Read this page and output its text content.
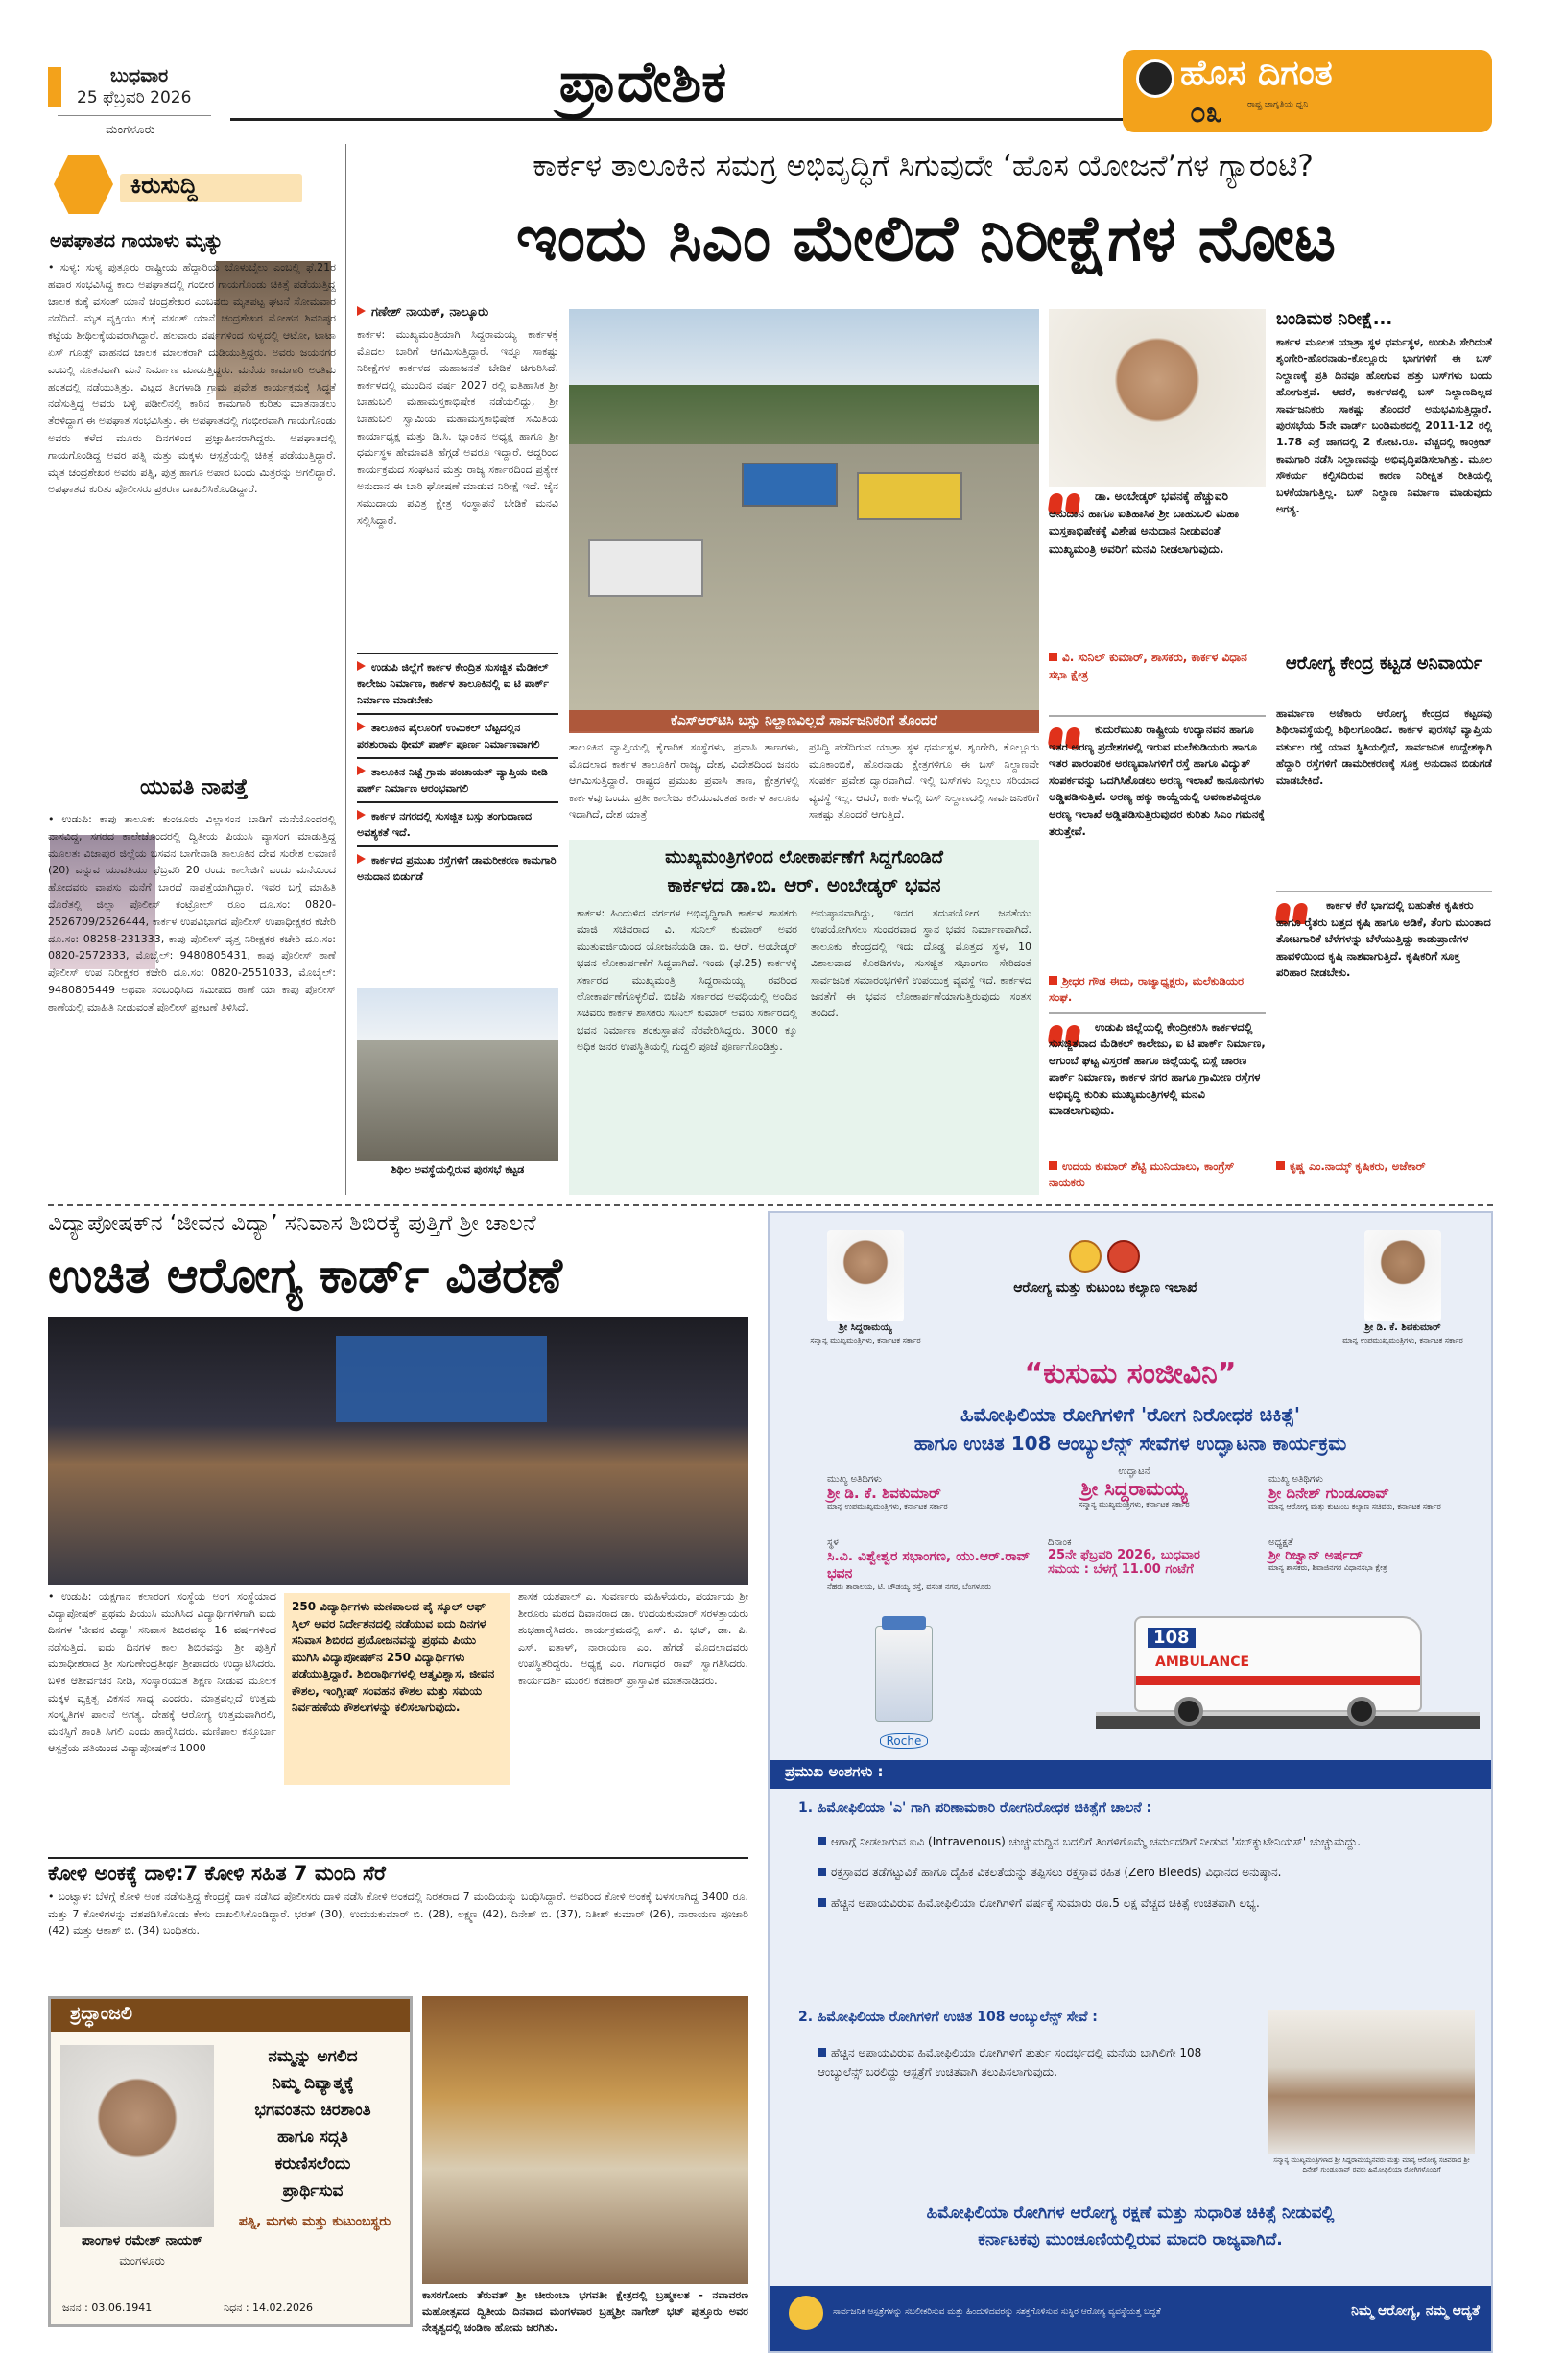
ಬುಧವಾರ
25 ಫೆಬ್ರವರಿ 2026
ಮಂಗಳೂರು
ಪ್ರಾದೇಶಿಕ	ಹೊಸ ದಿಗಂತ
ರಾಷ್ಟ್ರ ಜಾಗೃತಿಯ ಧ್ವನಿ
೦೩
ಕಿರುಸುದ್ದಿ
ಅಪಘಾತದ ಗಾಯಾಳು ಮೃತ್ಯು
• ಸುಳ್ಯ: ಸುಳ್ಯ ಪುತ್ತೂರು ರಾಷ್ಟ್ರೀಯ ಹೆದ್ದಾರಿಯ ಬೊಳುಬೈಲು ಎಂಬಲ್ಲಿ ಫೆ.21ರ ಹವಾರ ಸಂಭವಿಸಿದ್ದ ಕಾರು ಅಪಘಾತದಲ್ಲಿ ಗಂಭೀರ ಗಾಯಗೊಂಡು ಚಿಕಿತ್ಸೆ ಪಡೆಯುತ್ತಿದ್ದ ಚಾಲಕ ಕುಕ್ಕೆ ವಸಂತ್ ಯಾನೆ ಚಂದ್ರಶೇಖರ ಎಂಬವರು ಮೃತಪಟ್ಟ ಘಟನೆ ಸೋಮವಾರ ನಡೆದಿದೆ. ಮೃತ ವ್ಯಕ್ತಿಯು ಕುಕ್ಕೆ ವಸಂತ್ ಯಾನೆ ಚಂದ್ರಶೇಖರ ಮೋಹನ ಶಿವನಿಷ್ಠರ ಕಟ್ಟೆಯ ಶೀಥಿಲಕ್ಕೆಯವರಾಗಿದ್ದಾರೆ. ಹಲವಾರು ವರ್ಷಗಳಿಂದ ಸುಳ್ಯದಲ್ಲಿ ಆಟೋ, ಟಾಟಾ ಏಸ್ ಗೂಡ್ಸ್ ವಾಹನದ ಚಾಲಕ ಮಾಲಕರಾಗಿ ದುಡಿಯುತ್ತಿದ್ದರು. ಅವರು ಜಯನಗರ ಎಂಬಲ್ಲಿ ನೂತನವಾಗಿ ಮನೆ ನಿರ್ಮಾಣ ಮಾಡುತ್ತಿದ್ದರು. ಮನೆಯ ಕಾಮಗಾರಿ ಅಂತಿಮ ಹಂತದಲ್ಲಿ ನಡೆಯುತ್ತಿತ್ತು. ವಿಟ್ಲದ ತಿಂಗಳಾಡಿ ಗ್ರಾಮ ಪ್ರವೇಶ ಕಾರ್ಯಕ್ರಮಕ್ಕೆ ಸಿದ್ಧತೆ ನಡೆಸುತ್ತಿದ್ದ ಅವರು ಬಳ್ಳಿ ಪಡೀಲಿನಲ್ಲಿ ಕಾರಿನ ಕಾಮಗಾರಿ ಕುರಿತು ಮಾತನಾಡಲು ತೆರಳಿದ್ದಾಗ ಈ ಅಪಘಾತ ಸಂಭವಿಸಿತ್ತು. ಈ ಅಪಘಾತದಲ್ಲಿ ಗಂಭೀರವಾಗಿ ಗಾಯಗೊಂಡು ಅವರು ಕಳೆದ ಮೂರು ದಿನಗಳಿಂದ ಪ್ರಜ್ಞಾಹೀನರಾಗಿದ್ದರು. ಅಪಘಾತದಲ್ಲಿ ಗಾಯಗೊಂಡಿದ್ದ ಅವರ ಪತ್ನಿ ಮತ್ತು ಮಕ್ಕಳು ಆಸ್ಪತ್ರೆಯಲ್ಲಿ ಚಿಕಿತ್ಸೆ ಪಡೆಯುತ್ತಿದ್ದಾರೆ. ಮೃತ ಚಂದ್ರಶೇಖರ ಅವರು ಪತ್ನಿ, ಪುತ್ರ ಹಾಗೂ ಅಪಾರ ಬಂಧು ಮಿತ್ರರನ್ನು ಅಗಲಿದ್ದಾರೆ. ಅಪಘಾತದ ಕುರಿತು ಪೊಲೀಸರು ಪ್ರಕರಣ ದಾಖಲಿಸಿಕೊಂಡಿದ್ದಾರೆ.
ಯುವತಿ ನಾಪತ್ತೆ
• ಉಡುಪಿ: ಕಾಪು ತಾಲೂಕು ಕುಂಜೂರು ವಿಲ್ಲಾಸಂನ ಬಾಡಿಗೆ ಮನೆಯೊಂದರಲ್ಲಿ ವಾಸವಿದ್ದ, ಸಗರದ ಕಾಲೇಜೊಂದರಲ್ಲಿ ದ್ವಿತೀಯ ಪಿಯುಸಿ ವ್ಯಾಸಂಗ ಮಾಡುತ್ತಿದ್ದ ಮೂಲತಃ ವಿಜಾಪುರ ಜಿಲ್ಲೆಯ ಬಸವನ ಬಾಗೇವಾಡಿ ತಾಲೂಕಿನ ದೇವ ಸುರೇಶ ಲಮಾಣಿ (20) ಎನ್ನುವ ಯುವತಿಯು ಫೆಬ್ರವರಿ 20 ರಂದು ಕಾಲೇಜಿಗೆ ಎಂದು ಮನೆಯಿಂದ ಹೋದವರು ವಾಪಸು ಮನೆಗೆ ಬಾರದೆ ನಾಪತ್ತೆಯಾಗಿದ್ದಾರೆ. ಇವರ ಬಗ್ಗೆ ಮಾಹಿತಿ ದೊರೆತಲ್ಲಿ ಜಿಲ್ಲಾ ಪೊಲೀಸ್ ಕಂಟ್ರೋಲ್ ರೂಂ ದೂ.ಸಂ: 0820-2526709/2526444, ಕಾರ್ಕಳ ಉಪವಿಭಾಗದ ಪೊಲೀಸ್ ಉಪಾಧೀಕ್ಷಕರ ಕಚೇರಿ ದೂ.ಸಂ: 08258-231333, ಕಾಪು ಪೊಲೀಸ್ ವೃತ್ತ ನಿರೀಕ್ಷಕರ ಕಚೇರಿ ದೂ.ಸಂ: 0820-2572333, ಮೊಬೈಲ್: 9480805431, ಕಾಪು ಪೊಲೀಸ್ ಠಾಣೆ ಪೊಲೀಸ್ ಉಪ ನಿರೀಕ್ಷಕರ ಕಚೇರಿ ದೂ.ಸಂ: 0820-2551033, ಮೊಬೈಲ್: 9480805449 ಅಥವಾ ಸಂಬಂಧಿಸಿದ ಸಮೀಪದ ಠಾಣೆ ಯಾ ಕಾಪು ಪೊಲೀಸ್ ಠಾಣೆಯಲ್ಲಿ ಮಾಹಿತಿ ನೀಡುವಂತೆ ಪೊಲೀಸ್ ಪ್ರಕಟಣೆ ತಿಳಿಸಿದೆ.
ಕಾರ್ಕಳ ತಾಲೂಕಿನ ಸಮಗ್ರ ಅಭಿವೃದ್ಧಿಗೆ ಸಿಗುವುದೇ ‘ಹೊಸ ಯೋಜನೆ’ಗಳ ಗ್ಯಾರಂಟಿ?
ಇಂದು ಸಿಎಂ ಮೇಲಿದೆ ನಿರೀಕ್ಷೆಗಳ ನೋಟ
ಗಣೇಶ್ ನಾಯಕ್, ನಾಲ್ಕೂರು
ಕಾರ್ಕಳ: ಮುಖ್ಯಮಂತ್ರಿಯಾಗಿ ಸಿದ್ದರಾಮಯ್ಯ ಕಾರ್ಕಳಕ್ಕೆ ಮೊದಲ ಬಾರಿಗೆ ಆಗಮಿಸುತ್ತಿದ್ದಾರೆ. ಇನ್ನೂ ಸಾಕಷ್ಟು ನಿರೀಕ್ಷೆಗಳ ಕಾರ್ಕಳದ ಮಹಾಜನತೆ ಬೇಡಿಕೆ ಚಿಗುರಿಸಿದೆ. ಕಾರ್ಕಳದಲ್ಲಿ ಮುಂದಿನ ವರ್ಷ 2027 ರಲ್ಲಿ ಐತಿಹಾಸಿಕ ಶ್ರೀ ಬಾಹುಬಲಿ ಮಹಾಮಸ್ತಕಾಭಿಷೇಕ ನಡೆಯಲಿದ್ದು, ಶ್ರೀ ಬಾಹುಬಲಿ ಸ್ವಾಮಿಯ ಮಹಾಮಸ್ತಕಾಭಿಷೇಕ ಸಮಿತಿಯ ಕಾರ್ಯಾಧ್ಯಕ್ಷ ಮತ್ತು ಡಿ.ಸಿ. ಬ್ಲಾಂಕಿನ ಅಧ್ಯಕ್ಷ ಹಾಗೂ ಶ್ರೀ ಧರ್ಮಸ್ಥಳ ಹೇಮಾವತಿ ಹೆಗ್ಗಡೆ ಅವರೂ ಇದ್ದಾರೆ. ಆದ್ದರಿಂದ ಕಾರ್ಯಕ್ರಮದ ಸಂಘಟನೆ ಮತ್ತು ರಾಜ್ಯ ಸರ್ಕಾರದಿಂದ ಪ್ರತ್ಯೇಕ ಅನುದಾನ ಈ ಬಾರಿ ಘೋಷಣೆ ಮಾಡುವ ನಿರೀಕ್ಷೆ ಇದೆ. ಜೈನ ಸಮುದಾಯ ಪವಿತ್ರ ಕ್ಷೇತ್ರ ಸಂಸ್ಥಾಪನೆ ಬೇಡಿಕೆ ಮನವಿ ಸಲ್ಲಿಸಿದ್ದಾರೆ.
ಉಡುಪಿ ಜಿಲ್ಲೆಗೆ ಕಾರ್ಕಳ ಕೇಂದ್ರಿತ ಸುಸಜ್ಜಿತ ಮೆಡಿಕಲ್ ಕಾಲೇಜು ನಿರ್ಮಾಣ, ಕಾರ್ಕಳ ತಾಲೂಕಿನಲ್ಲಿ ಐ ಟಿ ಪಾರ್ಕ್ ನಿರ್ಮಾಣ ಮಾಡಬೇಕು
ತಾಲೂಕಿನ ಪೈಲೂರಿಗೆ ಉಮಿಕಲ್ ಬೆಟ್ಟದಲ್ಲಿನ ಪರಶುರಾಮ ಥೀಮ್ ಪಾರ್ಕ್ ಪೂರ್ಣ ನಿರ್ಮಾಣವಾಗಲಿ
ತಾಲೂಕಿನ ನಿಟ್ಟೆ ಗ್ರಾಮ ಪಂಚಾಯತ್ ವ್ಯಾಪ್ತಿಯ ಬೀಡಿ ಪಾರ್ಕ್ ನಿರ್ಮಾಣ ಆರಂಭವಾಗಲಿ
ಕಾರ್ಕಳ ನಗರದಲ್ಲಿ ಸುಸಜ್ಜಿತ ಬಸ್ಸು ತಂಗುದಾಣದ ಅವಶ್ಯಕತೆ ಇದೆ.
ಕಾರ್ಕಳದ ಪ್ರಮುಖ ರಸ್ತೆಗಳಿಗೆ ಡಾಮರೀಕರಣ ಕಾಮಗಾರಿ ಅನುದಾನ ಬಿಡುಗಡೆ
ಶಿಥಿಲ ಅವಸ್ಥೆಯಲ್ಲಿರುವ ಪುರಸಭೆ ಕಟ್ಟಡ
ಕೆಎಸ್‌ಆರ್‌ಟಿಸಿ ಬಸ್ಸು ನಿಲ್ದಾಣವಿಲ್ಲದೆ ಸಾರ್ವಜನಿಕರಿಗೆ ತೊಂದರೆ
ತಾಲೂಕಿನ ವ್ಯಾಪ್ತಿಯಲ್ಲಿ ಕೈಗಾರಿಕ ಸಂಸ್ಥೆಗಳು, ಪ್ರವಾಸಿ ತಾಣಗಳು, ಮೊದಲಾದ ಕಾರ್ಕಳ ತಾಲೂಕಿಗೆ ರಾಜ್ಯ, ದೇಶ, ವಿದೇಶದಿಂದ ಜನರು ಆಗಮಿಸುತ್ತಿದ್ದಾರೆ. ರಾಷ್ಟ್ರದ ಪ್ರಮುಖ ಪ್ರವಾಸಿ ತಾಣ, ಕ್ಷೇತ್ರಗಳಲ್ಲಿ ಕಾರ್ಕಳವು ಒಂದು. ಪ್ರತೀ ಕಾಲೇಜು ಕಲಿಯುವಂತಹ ಕಾರ್ಕಳ ತಾಲೂಕು ಇದಾಗಿದೆ, ದೇಶ ಯಾತ್ರೆ
ಪ್ರಸಿದ್ಧಿ ಪಡೆದಿರುವ ಯಾತ್ರಾ ಸ್ಥಳ ಧರ್ಮಸ್ಥಳ, ಶೃಂಗೇರಿ, ಕೊಲ್ಲೂರು ಮೂಕಾಂಬಿಕೆ, ಹೊರನಾಡು ಕ್ಷೇತ್ರಗಳಿಗೂ ಈ ಬಸ್ ನಿಲ್ದಾಣವೇ ಸಂಪರ್ಕ ಪ್ರವೇಶ ದ್ವಾರವಾಗಿದೆ. ಇಲ್ಲಿ ಬಸ್‌ಗಳು ನಿಲ್ಲಲು ಸರಿಯಾದ ವ್ಯವಸ್ಥೆ ಇಲ್ಲ. ಆದರೆ, ಕಾರ್ಕಳದಲ್ಲಿ ಬಸ್ ನಿಲ್ದಾಣದಲ್ಲಿ ಸಾರ್ವಜನಿಕರಿಗೆ ಸಾಕಷ್ಟು ತೊಂದರೆ ಆಗುತ್ತಿದೆ.
ಮುಖ್ಯಮಂತ್ರಿಗಳಿಂದ ಲೋಕಾರ್ಪಣೆಗೆ ಸಿದ್ದಗೊಂಡಿದೆ
ಕಾರ್ಕಳದ ಡಾ.ಬಿ. ಆರ್. ಅಂಬೇಡ್ಕರ್ ಭವನ
ಕಾರ್ಕಳ: ಹಿಂದುಳಿದ ವರ್ಗಗಳ ಅಭಿವೃದ್ಧಿಗಾಗಿ ಕಾರ್ಕಳ ಶಾಸಕರು ಮಾಜಿ ಸಚಿವರಾದ ವಿ. ಸುನಿಲ್ ಕುಮಾರ್ ಅವರ ಮುತುವರ್ಜಿಯಿಂದ ಯೋಜನೆಯಡಿ ಡಾ. ಬಿ. ಆರ್. ಅಂಬೇಡ್ಕರ್ ಭವನ ಲೋಕಾರ್ಪಣೆಗೆ ಸಿದ್ಧವಾಗಿದೆ. ಇಂದು (ಫೆ.25) ಕಾರ್ಕಳಕ್ಕೆ ಸರ್ಕಾರದ ಮುಖ್ಯಮಂತ್ರಿ ಸಿದ್ದರಾಮಯ್ಯ ರವರಿಂದ ಲೋಕಾರ್ಪಣೆಗೊಳ್ಳಲಿದೆ. ಬಿಜೆಪಿ ಸರ್ಕಾರದ ಅವಧಿಯಲ್ಲಿ ಅಂದಿನ ಸಚಿವರು ಕಾರ್ಕಳ ಶಾಸಕರು ಸುನಿಲ್ ಕುಮಾರ್ ಅವರು ಸರ್ಕಾರದಲ್ಲಿ ಭವನ ನಿರ್ಮಾಣ ಶಂಕುಸ್ಥಾಪನೆ ನೆರವೇರಿಸಿದ್ದರು. 3000 ಕ್ಕೂ ಅಧಿಕ ಜನರ ಉಪಸ್ಥಿತಿಯಲ್ಲಿ ಗುದ್ದಲಿ ಪೂಜೆ ಪೂರ್ಣಗೊಂಡಿತ್ತು.
ಅನುಷ್ಠಾನವಾಗಿದ್ದು, ಇದರ ಸದುಪಯೋಗ ಜನತೆಯು ಉಪಯೋಗಿಸಲು ಸುಂದರವಾದ ಸ್ಥಾನ ಭವನ ನಿರ್ಮಾಣವಾಗಿದೆ. ತಾಲೂಕು ಕೇಂದ್ರದಲ್ಲಿ ಇದು ದೊಡ್ಡ ಮೊತ್ತದ ಸ್ಥಳ, 10 ವಿಶಾಲವಾದ ಕೊಠಡಿಗಳು, ಸುಸಜ್ಜಿತ ಸಭಾಂಗಣ ಸೇರಿದಂತೆ ಸಾರ್ವಜನಿಕ ಸಮಾರಂಭಗಳಿಗೆ ಉಪಯುಕ್ತ ವ್ಯವಸ್ಥೆ ಇದೆ. ಕಾರ್ಕಳದ ಜನತೆಗೆ ಈ ಭವನ ಲೋಕಾರ್ಪಣೆಯಾಗುತ್ತಿರುವುದು ಸಂತಸ ತಂದಿದೆ.
ಡಾ. ಅಂಬೇಡ್ಕರ್ ಭವನಕ್ಕೆ ಹೆಚ್ಚುವರಿ ಅನುದಾನ ಹಾಗೂ ಐತಿಹಾಸಿಕ ಶ್ರೀ ಬಾಹುಬಲಿ ಮಹಾ ಮಸ್ತಕಾಭಿಷೇಕಕ್ಕೆ ವಿಶೇಷ ಅನುದಾನ ನೀಡುವಂತೆ ಮುಖ್ಯಮಂತ್ರಿ ಅವರಿಗೆ ಮನವಿ ನೀಡಲಾಗುವುದು.
ವಿ. ಸುನಿಲ್ ಕುಮಾರ್, ಶಾಸಕರು, ಕಾರ್ಕಳ ವಿಧಾನ ಸಭಾ ಕ್ಷೇತ್ರ
ಕುದುರೆಮುಖ ರಾಷ್ಟ್ರೀಯ ಉದ್ಯಾನವನ ಹಾಗೂ ಇತರ ಅರಣ್ಯ ಪ್ರದೇಶಗಳಲ್ಲಿ ಇರುವ ಮಲೆಕುಡಿಯರು ಹಾಗೂ ಇತರ ಪಾರಂಪರಿಕ ಅರಣ್ಯವಾಸಿಗಳಿಗೆ ರಸ್ತೆ ಹಾಗೂ ವಿದ್ಯುತ್ ಸಂಪರ್ಕವನ್ನು ಒದಗಿಸಿಕೊಡಲು ಅರಣ್ಯ ಇಲಾಖೆ ಕಾನೂನುಗಳು ಅಡ್ಡಿಪಡಿಸುತ್ತಿವೆ. ಅರಣ್ಯ ಹಕ್ಕು ಕಾಯ್ದೆಯಲ್ಲಿ ಅವಕಾಶವಿದ್ದರೂ ಅರಣ್ಯ ಇಲಾಖೆ ಅಡ್ಡಿಪಡಿಸುತ್ತಿರುವುದರ ಕುರಿತು ಸಿಎಂ ಗಮನಕ್ಕೆ ತರುತ್ತೇವೆ.
ಶ್ರೀಧರ ಗೌಡ ಈದು, ರಾಜ್ಯಾಧ್ಯಕ್ಷರು, ಮಲೆಕುಡಿಯರ ಸಂಘ.
ಉಡುಪಿ ಜಿಲ್ಲೆಯಲ್ಲಿ ಕೇಂದ್ರೀಕರಿಸಿ ಕಾರ್ಕಳದಲ್ಲಿ ಸುಸಜ್ಜಿತವಾದ ಮೆಡಿಕಲ್ ಕಾಲೇಜು, ಐ ಟಿ ಪಾರ್ಕ್ ನಿರ್ಮಾಣ, ಆಗುಂಬೆ ಘಟ್ಟ ವಿಸ್ತರಣೆ ಹಾಗೂ ಜಿಲ್ಲೆಯಲ್ಲಿ ಬಿಸ್ಲೆ ಚಾರಣ ಪಾರ್ಕ್ ನಿರ್ಮಾಣ, ಕಾರ್ಕಳ ನಗರ ಹಾಗೂ ಗ್ರಾಮೀಣ ರಸ್ತೆಗಳ ಅಭಿವೃದ್ಧಿ ಕುರಿತು ಮುಖ್ಯಮಂತ್ರಿಗಳಲ್ಲಿ ಮನವಿ ಮಾಡಲಾಗುವುದು.
ಉದಯ ಕುಮಾರ್ ಶೆಟ್ಟಿ ಮುನಿಯಾಲು, ಕಾಂಗ್ರೆಸ್ ನಾಯಕರು
ಬಂಡಿಮಠ ನಿರೀಕ್ಷೆ...
ಕಾರ್ಕಳ ಮೂಲಕ ಯಾತ್ರಾ ಸ್ಥಳ ಧರ್ಮಸ್ಥಳ, ಉಡುಪಿ ಸೇರಿದಂತೆ ಶೃಂಗೇರಿ-ಹೊರನಾಡು-ಕೊಲ್ಲೂರು ಭಾಗಗಳಿಗೆ ಈ ಬಸ್ ನಿಲ್ದಾಣಕ್ಕೆ ಪ್ರತಿ ದಿನವೂ ಹೋಗುವ ಹತ್ತು ಬಸ್‌ಗಳು ಬಂದು ಹೋಗುತ್ತವೆ. ಆದರೆ, ಕಾರ್ಕಳದಲ್ಲಿ ಬಸ್ ನಿಲ್ದಾಣದಿಲ್ಲದ ಸಾರ್ವಜನಿಕರು ಸಾಕಷ್ಟು ತೊಂದರೆ ಅನುಭವಿಸುತ್ತಿದ್ದಾರೆ. ಪುರಸಭೆಯ 5ನೇ ವಾರ್ಡ್ ಬಂಡಿಮಠದಲ್ಲಿ 2011-12 ರಲ್ಲಿ 1.78 ಎಕ್ರೆ ಜಾಗದಲ್ಲಿ 2 ಕೋಟಿ.ರೂ. ವೆಚ್ಚದಲ್ಲಿ ಕಾಂಕ್ರೀಟ್ ಕಾಮಗಾರಿ ನಡೆಸಿ ನಿಲ್ದಾಣವನ್ನು ಅಭಿವೃದ್ಧಿಪಡಿಸಲಾಗಿತ್ತು. ಮೂಲ ಸೌಕರ್ಯ ಕಲ್ಪಿಸದಿರುವ ಕಾರಣ ನಿರೀಕ್ಷಿತ ರೀತಿಯಲ್ಲಿ ಬಳಕೆಯಾಗುತ್ತಿಲ್ಲ. ಬಸ್ ನಿಲ್ದಾಣ ನಿರ್ಮಾಣ ಮಾಡುವುದು ಅಗತ್ಯ.
ಆರೋಗ್ಯ ಕೇಂದ್ರ ಕಟ್ಟಡ ಅನಿವಾರ್ಯ
ಹಾರ್ಮಾಣ ಅಜೆಕಾರು ಆರೋಗ್ಯ ಕೇಂದ್ರದ ಕಟ್ಟಡವು ಶಿಥಿಲಾವಸ್ಥೆಯಲ್ಲಿ ಶಿಥಿಲಗೊಂಡಿದೆ. ಕಾರ್ಕಳ ಪುರಸಭೆ ವ್ಯಾಪ್ತಿಯ ವರ್ತುಲ ರಸ್ತೆ ಯಾವ ಸ್ಥಿತಿಯಲ್ಲಿದೆ, ಸಾರ್ವಜನಿಕ ಉದ್ದೇಶಕ್ಕಾಗಿ ಹೆದ್ದಾರಿ ರಸ್ತೆಗಳಿಗೆ ಡಾಮರೀಕರಣಕ್ಕೆ ಸೂಕ್ತ ಅನುದಾನ ಬಿಡುಗಡೆ ಮಾಡಬೇಕಿದೆ.
ಕಾರ್ಕಳ ಕೆರೆ ಭಾಗದಲ್ಲಿ ಬಹುತೇಕ ಕೃಷಿಕರು ಹಾಗೂ ರೈತರು ಬತ್ತದ ಕೃಷಿ ಹಾಗೂ ಅಡಿಕೆ, ತೆಂಗು ಮುಂತಾದ ತೋಟಗಾರಿಕೆ ಬೆಳೆಗಳನ್ನು ಬೆಳೆಯುತ್ತಿದ್ದು ಕಾಡುಪ್ರಾಣಿಗಳ ಹಾವಳಿಯಿಂದ ಕೃಷಿ ನಾಶವಾಗುತ್ತಿದೆ. ಕೃಷಿಕರಿಗೆ ಸೂಕ್ತ ಪರಿಹಾರ ನೀಡಬೇಕು.
ಕೃಷ್ಣ ಎಂ.ನಾಯ್ಕ್ ಕೃಷಿಕರು, ಅಜೆಕಾರ್
ವಿದ್ಯಾಪೋಷಕ್‌ನ ‘ಜೀವನ ವಿದ್ಯಾ’ ಸನಿವಾಸ ಶಿಬಿರಕ್ಕೆ ಪುತ್ತಿಗೆ ಶ್ರೀ ಚಾಲನೆ
ಉಚಿತ ಆರೋಗ್ಯ ಕಾರ್ಡ್ ವಿತರಣೆ
• ಉಡುಪಿ: ಯಕ್ಷಗಾನ ಕಲಾರಂಗ ಸಂಸ್ಥೆಯ ಅಂಗ ಸಂಸ್ಥೆಯಾದ ವಿದ್ಯಾಪೋಷಕ್ ಪ್ರಥಮ ಪಿಯುಸಿ ಮುಗಿಸಿದ ವಿದ್ಯಾರ್ಥಿಗಳಿಗಾಗಿ ಐದು ದಿನಗಳ 'ಜೀವನ ವಿದ್ಯಾ' ಸನಿವಾಸ ಶಿಬಿರವನ್ನು 16 ವರ್ಷಗಳಿಂದ ನಡೆಸುತ್ತಿದೆ. ಐದು ದಿನಗಳ ಕಾಲ ಶಿಬಿರವನ್ನು ಶ್ರೀ ಪುತ್ತಿಗೆ ಮಠಾಧೀಶರಾದ ಶ್ರೀ ಸುಗುಣೇಂದ್ರತೀರ್ಥ ಶ್ರೀಪಾದರು ಉದ್ಘಾಟಿಸಿದರು. ಬಳಿಕ ಆಶೀರ್ವಚನ ನೀಡಿ, ಸಂಸ್ಕಾರಯುತ ಶಿಕ್ಷಣ ನೀಡುವ ಮೂಲಕ ಮಕ್ಕಳ ವ್ಯಕ್ತಿತ್ವ ವಿಕಸನ ಸಾಧ್ಯ ಎಂದರು. ಮಾತ್ರವಲ್ಲದೆ ಉತ್ತಮ ಸಂಸ್ಕೃತಿಗಳ ಪಾಲನೆ ಅಗತ್ಯ. ದೇಹಕ್ಕೆ ಆರೋಗ್ಯ ಉತ್ತಮವಾಗಿರಲಿ, ಮನಸ್ಸಿಗೆ ಶಾಂತಿ ಸಿಗಲಿ ಎಂದು ಹಾರೈಸಿದರು. ಮಣಿಪಾಲ ಕಸ್ತೂರ್ಬಾ ಆಸ್ಪತ್ರೆಯ ವತಿಯಿಂದ ವಿದ್ಯಾಪೋಷಕ್‌ನ 1000
250 ವಿದ್ಯಾರ್ಥಿಗಳು ಮಣಿಪಾಲದ ಪೈ ಸ್ಕೂಲ್ ಆಫ್ ಸ್ಕಿಲ್ ಅವರ ನಿರ್ದೇಶನದಲ್ಲಿ ನಡೆಯುವ ಐದು ದಿನಗಳ ಸನಿವಾಸ ಶಿಬಿರದ ಪ್ರಯೋಜನವನ್ನು ಪ್ರಥಮ ಪಿಯು ಮುಗಿಸಿ ವಿದ್ಯಾಪೋಷಕ್‌ನ 250 ವಿದ್ಯಾರ್ಥಿಗಳು ಪಡೆಯುತ್ತಿದ್ದಾರೆ. ಶಿಬಿರಾರ್ಥಿಗಳಲ್ಲಿ ಆತ್ಮವಿಶ್ವಾಸ, ಜೀವನ ಕೌಶಲ, ಇಂಗ್ಲೀಷ್ ಸಂವಹನ ಕೌಶಲ ಮತ್ತು ಸಮಯ ನಿರ್ವಹಣೆಯ ಕೌಶಲಗಳನ್ನು ಕಲಿಸಲಾಗುವುದು.
ಶಾಸಕ ಯಶಪಾಲ್ ಎ. ಸುವರ್ಣರು ಮಹಿಳೆಯರು, ಪರ್ಯಾಯ ಶ್ರೀ ಶೀರೂರು ಮಠದ ದಿವಾನರಾದ ಡಾ. ಉದಯಕುಮಾರ್ ಸರಳತ್ತಾಯರು ಶುಭಹಾರೈಸಿದರು. ಕಾರ್ಯಕ್ರಮದಲ್ಲಿ ಎಸ್. ವಿ. ಭಟ್, ಡಾ. ಪಿ. ಎಸ್. ಐತಾಳ್, ನಾರಾಯಣ ಎಂ. ಹೆಗಡೆ ಮೊದಲಾದವರು ಉಪಸ್ಥಿತರಿದ್ದರು. ಅಧ್ಯಕ್ಷ ಎಂ. ಗಂಗಾಧರ ರಾವ್ ಸ್ವಾಗತಿಸಿದರು. ಕಾರ್ಯದರ್ಶಿ ಮುರಲಿ ಕಡೆಕಾರ್ ಪ್ರಾಸ್ತಾವಿಕ ಮಾತನಾಡಿದರು.
ಕೋಳಿ ಅಂಕಕ್ಕೆ ದಾಳಿ:7 ಕೋಳಿ ಸಹಿತ 7 ಮಂದಿ ಸೆರೆ
• ಬಂಟ್ವಾಳ: ಬೆಳಗ್ಗೆ ಕೋಳಿ ಅಂಕ ನಡೆಸುತ್ತಿದ್ದ ಕೇಂದ್ರಕ್ಕೆ ದಾಳಿ ನಡೆಸಿದ ಪೊಲೀಸರು ದಾಳಿ ನಡೆಸಿ ಕೋಳಿ ಅಂಕದಲ್ಲಿ ನಿರತರಾದ 7 ಮಂದಿಯನ್ನು ಬಂಧಿಸಿದ್ದಾರೆ. ಅವರಿಂದ ಕೋಳಿ ಅಂಕಕ್ಕೆ ಬಳಸಲಾಗಿದ್ದ 3400 ರೂ. ಮತ್ತು 7 ಕೋಳಿಗಳನ್ನು ವಶಪಡಿಸಿಕೊಂಡು ಕೇಸು ದಾಖಲಿಸಿಕೊಂಡಿದ್ದಾರೆ. ಭರತ್ (30), ಉದಯಕುಮಾರ್ ಬಿ. (28), ಲಕ್ಷ್ಮಣ (42), ದಿನೇಶ್ ಬಿ. (37), ನಿತೀಶ್ ಕುಮಾರ್ (26), ನಾರಾಯಣ ಪೂಜಾರಿ (42) ಮತ್ತು ಆಕಾಶ್ ಬಿ. (34) ಬಂಧಿತರು.
ಶ್ರದ್ಧಾಂಜಲಿ
ನಮ್ಮನ್ನು ಅಗಲಿದ
ನಿಮ್ಮ ದಿವ್ಯಾತ್ಮಕ್ಕೆ
ಭಗವಂತನು ಚಿರಶಾಂತಿ
ಹಾಗೂ ಸದ್ಗತಿ
ಕರುಣಿಸಲೆಂದು
ಪ್ರಾರ್ಥಿಸುವ
ಪತ್ನಿ, ಮಗಳು ಮತ್ತು ಕುಟುಂಬಸ್ಥರು
ಪಾಂಗಾಳ ರಮೇಶ್ ನಾಯಕ್
ಮಂಗಳೂರು
ಜನನ : 03.06.1941	ನಿಧನ : 14.02.2026
ಕಾಸರಗೋಡು ತೆರುವತ್ ಶ್ರೀ ಚೀರುಂಬಾ ಭಗವತೀ ಕ್ಷೇತ್ರದಲ್ಲಿ ಬ್ರಹ್ಮಕಲಶ - ನವಾವರಣ ಮಹೋತ್ಸವದ ದ್ವಿತೀಯ ದಿನವಾದ ಮಂಗಳವಾರ ಬ್ರಹ್ಮಶ್ರೀ ನಾಗೇಶ್ ಭಟ್ ಪುತ್ತೂರು ಅವರ ನೇತೃತ್ವದಲ್ಲಿ ಚಂಡಿಕಾ ಹೋಮ ಜರಗಿತು.
ಶ್ರೀ ಸಿದ್ದರಾಮಯ್ಯ
ಸನ್ಮಾನ್ಯ ಮುಖ್ಯಮಂತ್ರಿಗಳು, ಕರ್ನಾಟಕ ಸರ್ಕಾರ
ಆರೋಗ್ಯ ಮತ್ತು ಕುಟುಂಬ ಕಲ್ಯಾಣ ಇಲಾಖೆ
ಶ್ರೀ ಡಿ. ಕೆ. ಶಿವಕುಮಾರ್
ಮಾನ್ಯ ಉಪಮುಖ್ಯಮಂತ್ರಿಗಳು, ಕರ್ನಾಟಕ ಸರ್ಕಾರ
“ಕುಸುಮ ಸಂಜೀವಿನಿ”
ಹಿಮೋಫಿಲಿಯಾ ರೋಗಿಗಳಿಗೆ 'ರೋಗ ನಿರೋಧಕ ಚಿಕಿತ್ಸೆ'
ಹಾಗೂ ಉಚಿತ 108 ಆಂಬ್ಯುಲೆನ್ಸ್ ಸೇವೆಗಳ ಉದ್ಘಾಟನಾ ಕಾರ್ಯಕ್ರಮ
ಮುಖ್ಯ ಅತಿಥಿಗಳು
ಶ್ರೀ ಡಿ. ಕೆ. ಶಿವಕುಮಾರ್
ಮಾನ್ಯ ಉಪಮುಖ್ಯಮಂತ್ರಿಗಳು, ಕರ್ನಾಟಕ ಸರ್ಕಾರ
ಉದ್ಘಾಟನೆ
ಶ್ರೀ ಸಿದ್ದರಾಮಯ್ಯ
ಸನ್ಮಾನ್ಯ ಮುಖ್ಯಮಂತ್ರಿಗಳು, ಕರ್ನಾಟಕ ಸರ್ಕಾರ
ಮುಖ್ಯ ಅತಿಥಿಗಳು
ಶ್ರೀ ದಿನೇಶ್ ಗುಂಡೂರಾವ್
ಮಾನ್ಯ ಆರೋಗ್ಯ ಮತ್ತು ಕುಟುಂಬ ಕಲ್ಯಾಣ ಸಚಿವರು, ಕರ್ನಾಟಕ ಸರ್ಕಾರ
ಸ್ಥಳ
ಸಿ.ವಿ. ವಿಶ್ವೇಶ್ವರ ಸಭಾಂಗಣ, ಯು.ಆರ್.ರಾವ್ ಭವನ
ನೆಹರು ತಾರಾಲಯ, ಟಿ. ಚೌಡಯ್ಯ ರಸ್ತೆ, ವಸಂತ ನಗರ, ಬೆಂಗಳೂರು
ದಿನಾಂಕ
25ನೇ ಫೆಬ್ರವರಿ 2026, ಬುಧವಾರ
ಸಮಯ : ಬೆಳಗ್ಗೆ 11.00 ಗಂಟೆಗೆ
ಅಧ್ಯಕ್ಷತೆ
ಶ್ರೀ ರಿಜ್ವಾನ್ ಅರ್ಷದ್
ಮಾನ್ಯ ಶಾಸಕರು, ಶಿವಾಜಿನಗರ ವಿಧಾನಸಭಾ ಕ್ಷೇತ್ರ
Roche
108
AMBULANCE
ಪ್ರಮುಖ ಅಂಶಗಳು :
1. ಹಿಮೋಫಿಲಿಯಾ 'ಎ' ಗಾಗಿ ಪರಿಣಾಮಕಾರಿ ರೋಗನಿರೋಧಕ ಚಿಕಿತ್ಸೆಗೆ ಚಾಲನೆ :
ಆಗಾಗ್ಗೆ ನೀಡಲಾಗುವ ಐವಿ (Intravenous) ಚುಚ್ಚುಮದ್ದಿನ ಬದಲಿಗೆ ತಿಂಗಳಿಗೊಮ್ಮೆ ಚರ್ಮದಡಿಗೆ ನೀಡುವ 'ಸಬ್‌ಕ್ಯುಟೇನಿಯಸ್' ಚುಚ್ಚುಮದ್ದು.
ರಕ್ತಸ್ರಾವದ ತಡೆಗಟ್ಟುವಿಕೆ ಹಾಗೂ ದೈಹಿಕ ವಿಕಲತೆಯನ್ನು ತಪ್ಪಿಸಲು ರಕ್ತಸ್ರಾವ ರಹಿತ (Zero Bleeds) ವಿಧಾನದ ಅನುಷ್ಠಾನ.
ಹೆಚ್ಚಿನ ಅಪಾಯವಿರುವ ಹಿಮೋಫಿಲಿಯಾ ರೋಗಿಗಳಿಗೆ ವರ್ಷಕ್ಕೆ ಸುಮಾರು ರೂ.5 ಲಕ್ಷ ವೆಚ್ಚದ ಚಿಕಿತ್ಸೆ ಉಚಿತವಾಗಿ ಲಭ್ಯ.
2. ಹಿಮೋಫಿಲಿಯಾ ರೋಗಿಗಳಿಗೆ ಉಚಿತ 108 ಆಂಬ್ಯುಲೆನ್ಸ್ ಸೇವೆ :
ಹೆಚ್ಚಿನ ಅಪಾಯವಿರುವ ಹಿಮೋಫಿಲಿಯಾ ರೋಗಿಗಳಿಗೆ ತುರ್ತು ಸಂದರ್ಭದಲ್ಲಿ ಮನೆಯ ಬಾಗಿಲಿಗೇ 108 ಆಂಬ್ಯುಲೆನ್ಸ್ ಬರಲಿದ್ದು ಆಸ್ಪತ್ರೆಗೆ ಉಚಿತವಾಗಿ ತಲುಪಿಸಲಾಗುವುದು.
ಸನ್ಮಾನ್ಯ ಮುಖ್ಯಮಂತ್ರಿಗಳಾದ ಶ್ರೀ ಸಿದ್ದರಾಮಯ್ಯನವರು ಮತ್ತು ಮಾನ್ಯ ಆರೋಗ್ಯ ಸಚಿವರಾದ ಶ್ರೀ ದಿನೇಶ್ ಗುಂಡೂರಾವ್ ರವರು ಹಿಮೋಫಿಲಿಯಾ ರೋಗಿಗಳೊಂದಿಗೆ
ಹಿಮೋಫಿಲಿಯಾ ರೋಗಿಗಳ ಆರೋಗ್ಯ ರಕ್ಷಣೆ ಮತ್ತು ಸುಧಾರಿತ ಚಿಕಿತ್ಸೆ ನೀಡುವಲ್ಲಿ
ಕರ್ನಾಟಕವು ಮುಂಚೂಣಿಯಲ್ಲಿರುವ ಮಾದರಿ ರಾಜ್ಯವಾಗಿದೆ.
ಸಾರ್ವಜನಿಕ ಆಸ್ಪತ್ರೆಗಳನ್ನು ಸಬಲೀಕರಿಸುವ ಮತ್ತು ಹಿಂದುಳಿದವರನ್ನು ಸಶಕ್ತಗೊಳಿಸುವ ಸುಸ್ಥಿರ ಆರೋಗ್ಯ ವ್ಯವಸ್ಥೆಯತ್ತ ಬದ್ಧತೆ	ನಿಮ್ಮ ಆರೋಗ್ಯ, ನಮ್ಮ ಆದ್ಯತೆ
